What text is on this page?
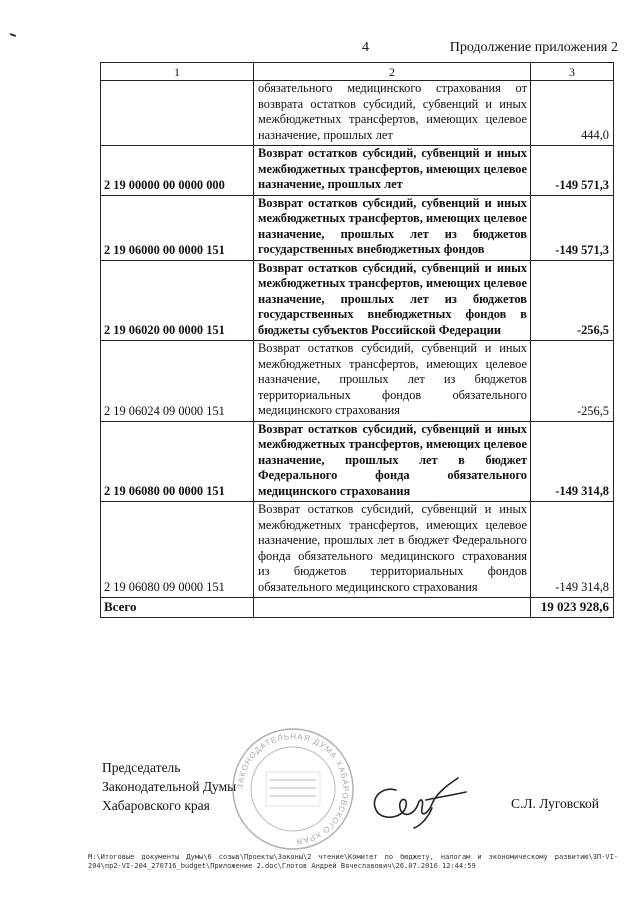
4	Продолжение приложения 2
1	2	3
	обязательного медицинского страхования от возврата остатков субсидий, субвенций и иных межбюджетных трансфертов, имеющих целевое назначение, прошлых лет	444,0
2 19 00000 00 0000 000	Возврат остатков субсидий, субвенций и иных межбюджетных трансфертов, имеющих целевое назначение, прошлых лет	-149 571,3
2 19 06000 00 0000 151	Возврат остатков субсидий, субвенций и иных межбюджетных трансфертов, имеющих целевое назначение, прошлых лет из бюджетов государственных внебюджетных фондов	-149 571,3
2 19 06020 00 0000 151	Возврат остатков субсидий, субвенций и иных межбюджетных трансфертов, имеющих целевое назначение, прошлых лет из бюджетов государственных внебюджетных фондов в бюджеты субъектов Российской Федерации	-256,5
2 19 06024 09 0000 151	Возврат остатков субсидий, субвенций и иных межбюджетных трансфертов, имеющих целевое назначение, прошлых лет из бюджетов территориальных фондов обязательного медицинского страхования	-256,5
2 19 06080 00 0000 151	Возврат остатков субсидий, субвенций и иных межбюджетных трансфертов, имеющих целевое назначение, прошлых лет в бюджет Федерального фонда обязательного медицинского страхования	-149 314,8
2 19 06080 09 0000 151	Возврат остатков субсидий, субвенций и иных межбюджетных трансфертов, имеющих целевое назначение, прошлых лет в бюджет Федерального фонда обязательного медицинского страхования из бюджетов территориальных фондов обязательного медицинского страхования	-149 314,8
Всего		19 023 928,6
Председатель
Законодательной Думы
Хабаровского края
ЗАКОНОДАТЕЛЬНАЯ ДУМА ХАБАРОВСКОГО КРАЯ
С.Л. Луговской
М:\Итоговые документы Думы\6 созыв\Проекты\Законы\2 чтение\Комитет по бюджету, налогам и экономическому развитию\ЗП-VI-204\пр2-VI-204_270716_budget\Приложение 2.doc\Глотов Андрей Вячеславович\26.07.2016 12:44:59
